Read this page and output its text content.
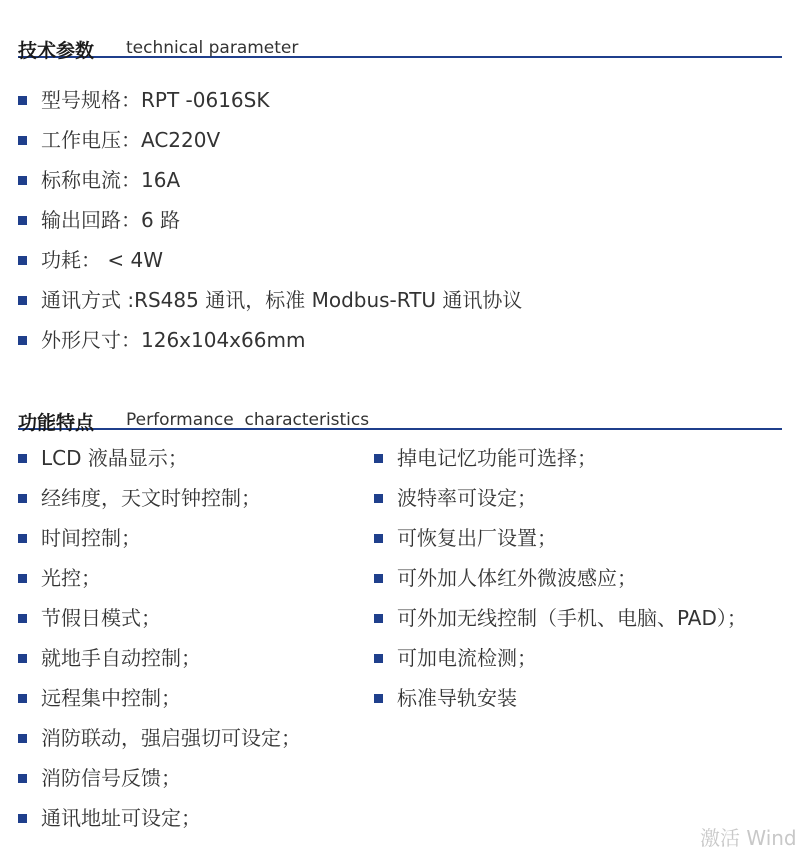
技术参数 technical parameter
型号规格：RPT -0616SK
工作电压：AC220V
标称电流：16A
输出回路：6 路
功耗： < 4W
通讯方式 :RS485 通讯，标准 Modbus-RTU 通讯协议
外形尺寸：126x104x66mm
功能特点 Performance  characteristics
LCD 液晶显示；
经纬度，天文时钟控制；
时间控制；
光控；
节假日模式；
就地手自动控制；
远程集中控制；
消防联动，强启强切可设定；
消防信号反馈；
通讯地址可设定；
掉电记忆功能可选择；
波特率可设定；
可恢复出厂设置；
可外加人体红外微波感应；
可外加无线控制（手机、电脑、PAD）；
可加电流检测；
标准导轨安装
激活 Wind
